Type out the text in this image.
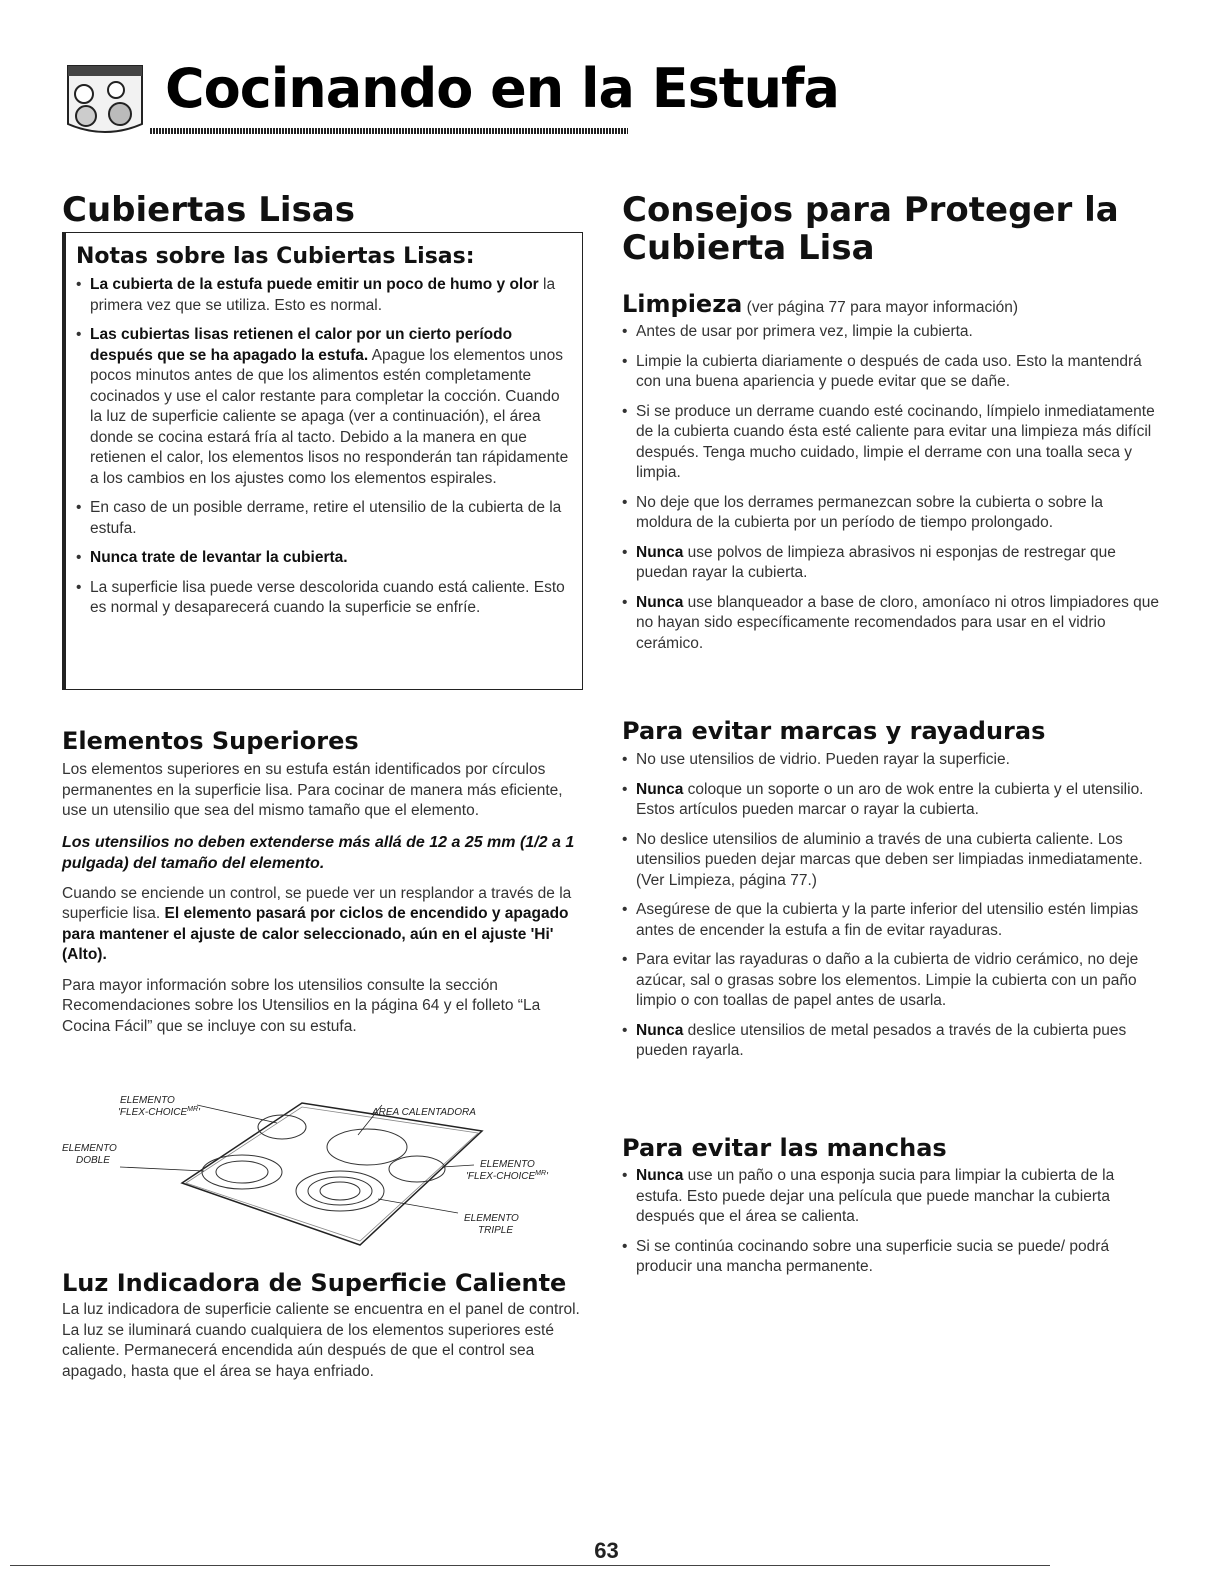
Cocinando en la Estufa
Cubiertas Lisas
Notas sobre las Cubiertas Lisas:
• La cubierta de la estufa puede emitir un poco de humo y olor la primera vez que se utiliza. Esto es normal.
• Las cubiertas lisas retienen el calor por un cierto período después que se ha apagado la estufa. Apague los elementos unos pocos minutos antes de que los alimentos estén completamente cocinados y use el calor restante para completar la cocción. Cuando la luz de superficie caliente se apaga (ver a continuación), el área donde se cocina estará fría al tacto. Debido a la manera en que retienen el calor, los elementos lisos no responderán tan rápidamente a los cambios en los ajustes como los elementos espirales.
• En caso de un posible derrame, retire el utensilio de la cubierta de la estufa.
• Nunca trate de levantar la cubierta.
• La superficie lisa puede verse descolorida cuando está caliente. Esto es normal y desaparecerá cuando la superficie se enfríe.
Elementos Superiores

Los elementos superiores en su estufa están identificados por círculos permanentes en la superficie lisa. Para cocinar de manera más eficiente, use un utensilio que sea del mismo tamaño que el elemento.

Los utensilios no deben extenderse más allá de 12 a 25 mm (1/2 a 1 pulgada) del tamaño del elemento.

Cuando se enciende un control, se puede ver un resplandor a través de la superficie lisa. El elemento pasará por ciclos de encendido y apagado para mantener el ajuste de calor seleccionado, aún en el ajuste 'Hi' (Alto).

Para mayor información sobre los utensilios consulte la sección Recomendaciones sobre los Utensilios en la página 64 y el folleto “La Cocina Fácil” que se incluye con su estufa.

ELEMENTO
'$FLEX-CHOICE^{MR}$'	AREA CALENTADORA
ELEMENTO
DOBLE	ELEMENTO
'$FLEX-CHOICE^{MR}$'
ELEMENTO
TRIPLE
Luz Indicadora de Superficie Caliente
La luz indicadora de superficie caliente se encuentra en el panel de control. La luz se iluminará cuando cualquiera de los elementos superiores esté caliente. Permanecerá encendida aún después de que el control sea apagado, hasta que el área se haya enfriado.
Consejos para Proteger la
Cubierta Lisa
Limpieza (ver página 77 para mayor información)
• Antes de usar por primera vez, limpie la cubierta.
• Limpie la cubierta diariamente o después de cada uso. Esto la mantendrá con una buena apariencia y puede evitar que se dañe.
• Si se produce un derrame cuando esté cocinando, límpielo inmediatamente de la cubierta cuando ésta esté caliente para evitar una limpieza más difícil después. Tenga mucho cuidado, limpie el derrame con una toalla seca y limpia.
• No deje que los derrames permanezcan sobre la cubierta o sobre la moldura de la cubierta por un período de tiempo prolongado.
• Nunca use polvos de limpieza abrasivos ni esponjas de restregar que puedan rayar la cubierta.
• Nunca use blanqueador a base de cloro, amoníaco ni otros limpiadores que no hayan sido específicamente recomendados para usar en el vidrio cerámico.
Para evitar marcas y rayaduras
• No use utensilios de vidrio. Pueden rayar la superficie.
• Nunca coloque un soporte o un aro de wok entre la cubierta y el utensilio. Estos artículos pueden marcar o rayar la cubierta.
• No deslice utensilios de aluminio a través de una cubierta caliente. Los utensilios pueden dejar marcas que deben ser limpiadas inmediatamente. (Ver Limpieza, página 77.)
• Asegúrese de que la cubierta y la parte inferior del utensilio estén limpias antes de encender la estufa a fin de evitar rayaduras.
• Para evitar las rayaduras o daño a la cubierta de vidrio cerámico, no deje azúcar, sal o grasas sobre los elementos. Limpie la cubierta con un paño limpio o con toallas de papel antes de usarla.
• Nunca deslice utensilios de metal pesados a través de la cubierta pues pueden rayarla.
Para evitar las manchas
• Nunca use un paño o una esponja sucia para limpiar la cubierta de la estufa. Esto puede dejar una película que puede manchar la cubierta después que el área se calienta.
• Si se continúa cocinando sobre una superficie sucia se puede/ podrá producir una mancha permanente.
63
